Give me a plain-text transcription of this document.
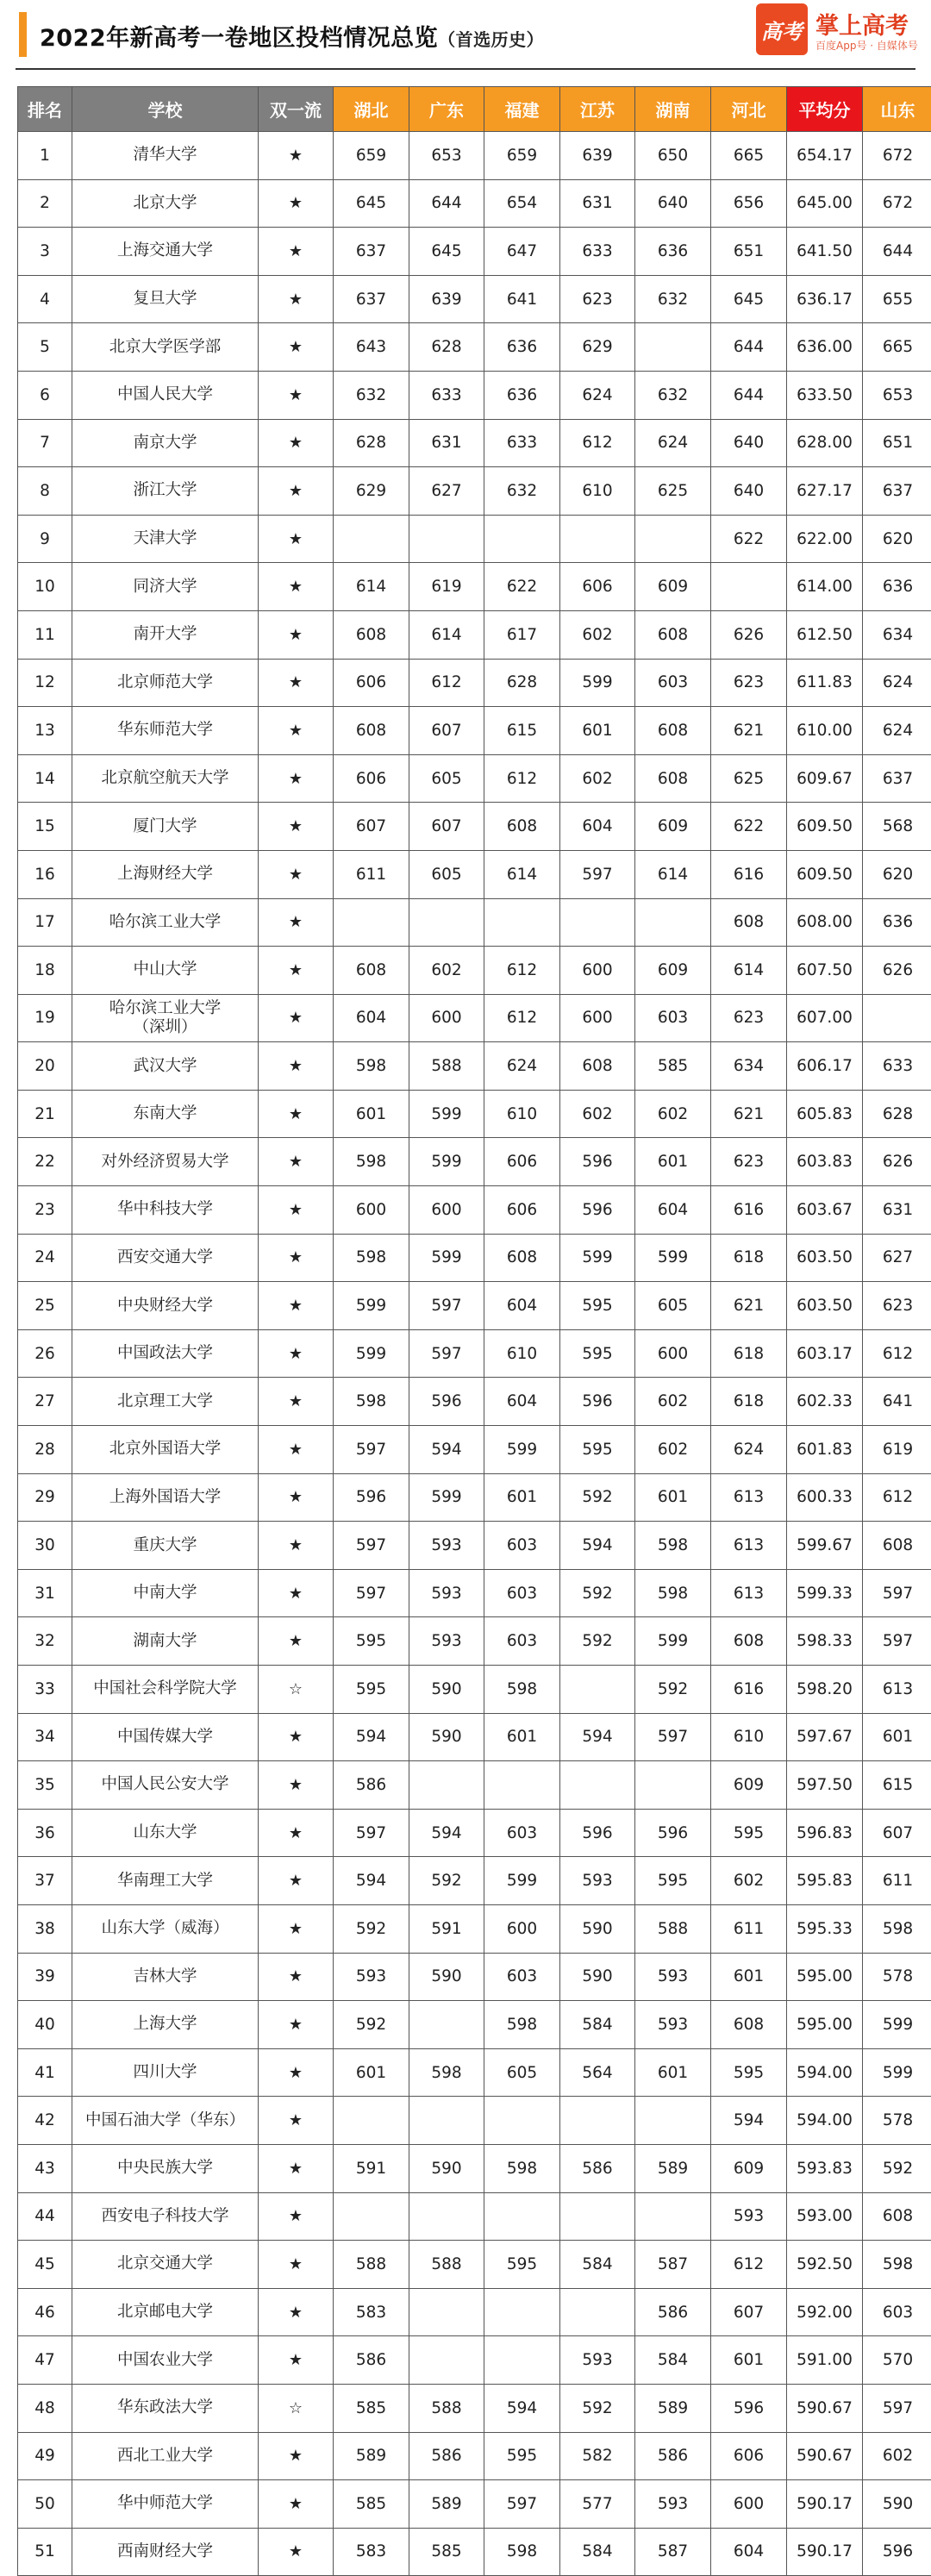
2022年新高考一卷地区投档情况总览（首选历史）	高考 掌上高考
百度App号 · 自媒体号
排名	学校	双一流	湖北	广东	福建	江苏	湖南	河北	平均分	山东
1	清华大学	★	659	653	659	639	650	665	654.17	672
2	北京大学	★	645	644	654	631	640	656	645.00	672
3	上海交通大学	★	637	645	647	633	636	651	641.50	644
4	复旦大学	★	637	639	641	623	632	645	636.17	655
5	北京大学医学部	★	643	628	636	629		644	636.00	665
6	中国人民大学	★	632	633	636	624	632	644	633.50	653
7	南京大学	★	628	631	633	612	624	640	628.00	651
8	浙江大学	★	629	627	632	610	625	640	627.17	637
9	天津大学	★						622	622.00	620
10	同济大学	★	614	619	622	606	609		614.00	636
11	南开大学	★	608	614	617	602	608	626	612.50	634
12	北京师范大学	★	606	612	628	599	603	623	611.83	624
13	华东师范大学	★	608	607	615	601	608	621	610.00	624
14	北京航空航天大学	★	606	605	612	602	608	625	609.67	637
15	厦门大学	★	607	607	608	604	609	622	609.50	568
16	上海财经大学	★	611	605	614	597	614	616	609.50	620
17	哈尔滨工业大学	★						608	608.00	636
18	中山大学	★	608	602	612	600	609	614	607.50	626
19	哈尔滨工业大学
（深圳）	★	604	600	612	600	603	623	607.00	
20	武汉大学	★	598	588	624	608	585	634	606.17	633
21	东南大学	★	601	599	610	602	602	621	605.83	628
22	对外经济贸易大学	★	598	599	606	596	601	623	603.83	626
23	华中科技大学	★	600	600	606	596	604	616	603.67	631
24	西安交通大学	★	598	599	608	599	599	618	603.50	627
25	中央财经大学	★	599	597	604	595	605	621	603.50	623
26	中国政法大学	★	599	597	610	595	600	618	603.17	612
27	北京理工大学	★	598	596	604	596	602	618	602.33	641
28	北京外国语大学	★	597	594	599	595	602	624	601.83	619
29	上海外国语大学	★	596	599	601	592	601	613	600.33	612
30	重庆大学	★	597	593	603	594	598	613	599.67	608
31	中南大学	★	597	593	603	592	598	613	599.33	597
32	湖南大学	★	595	593	603	592	599	608	598.33	597
33	中国社会科学院大学	☆	595	590	598		592	616	598.20	613
34	中国传媒大学	★	594	590	601	594	597	610	597.67	601
35	中国人民公安大学	★	586					609	597.50	615
36	山东大学	★	597	594	603	596	596	595	596.83	607
37	华南理工大学	★	594	592	599	593	595	602	595.83	611
38	山东大学（威海）	★	592	591	600	590	588	611	595.33	598
39	吉林大学	★	593	590	603	590	593	601	595.00	578
40	上海大学	★	592		598	584	593	608	595.00	599
41	四川大学	★	601	598	605	564	601	595	594.00	599
42	中国石油大学（华东）	★						594	594.00	578
43	中央民族大学	★	591	590	598	586	589	609	593.83	592
44	西安电子科技大学	★						593	593.00	608
45	北京交通大学	★	588	588	595	584	587	612	592.50	598
46	北京邮电大学	★	583				586	607	592.00	603
47	中国农业大学	★	586			593	584	601	591.00	570
48	华东政法大学	☆	585	588	594	592	589	596	590.67	597
49	西北工业大学	★	589	586	595	582	586	606	590.67	602
50	华中师范大学	★	585	589	597	577	593	600	590.17	590
51	西南财经大学	★	583	585	598	584	587	604	590.17	596
